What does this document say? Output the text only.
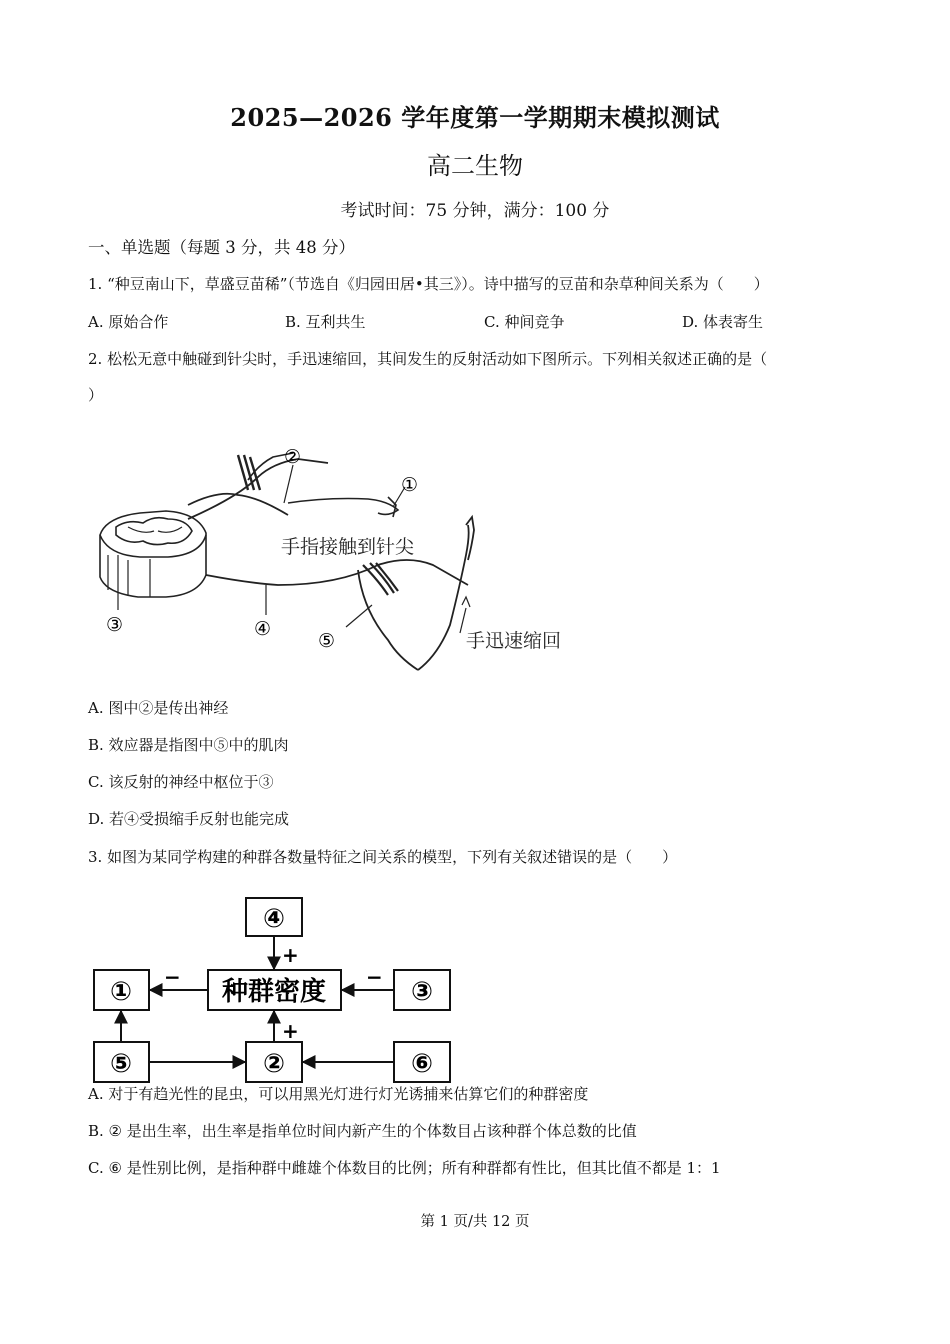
2025—2026 学年度第一学期期末模拟测试
高二生物
考试时间：75 分钟，满分：100 分
一、单选题（每题 3 分，共 48 分）
1. “种豆南山下，草盛豆苗稀”（节选自《归园田居•其三》）。诗中描写的豆苗和杂草种间关系为（　　）
A. 原始合作	B. 互利共生	C. 种间竞争	D. 体表寄生
2. 松松无意中触碰到针尖时，手迅速缩回，其间发生的反射活动如下图所示。下列相关叙述正确的是（
）
②
①
③	④
⑤
手指接触到针尖
手迅速缩回
A. 图中②是传出神经
B. 效应器是指图中⑤中的肌肉
C. 该反射的神经中枢位于③
D. 若④受损缩手反射也能完成
3. 如图为某同学构建的种群各数量特征之间关系的模型，下列有关叙述错误的是（　　）
④
①	③
⑤	②	⑥
种群密度
+
+
−	−
A. 对于有趋光性的昆虫，可以用黑光灯进行灯光诱捕来估算它们的种群密度
B. ② 是出生率，出生率是指单位时间内新产生的个体数目占该种群个体总数的比值
C. ⑥ 是性别比例，是指种群中雌雄个体数目的比例；所有种群都有性比，但其比值不都是 1：1
第 1 页/共 12 页
